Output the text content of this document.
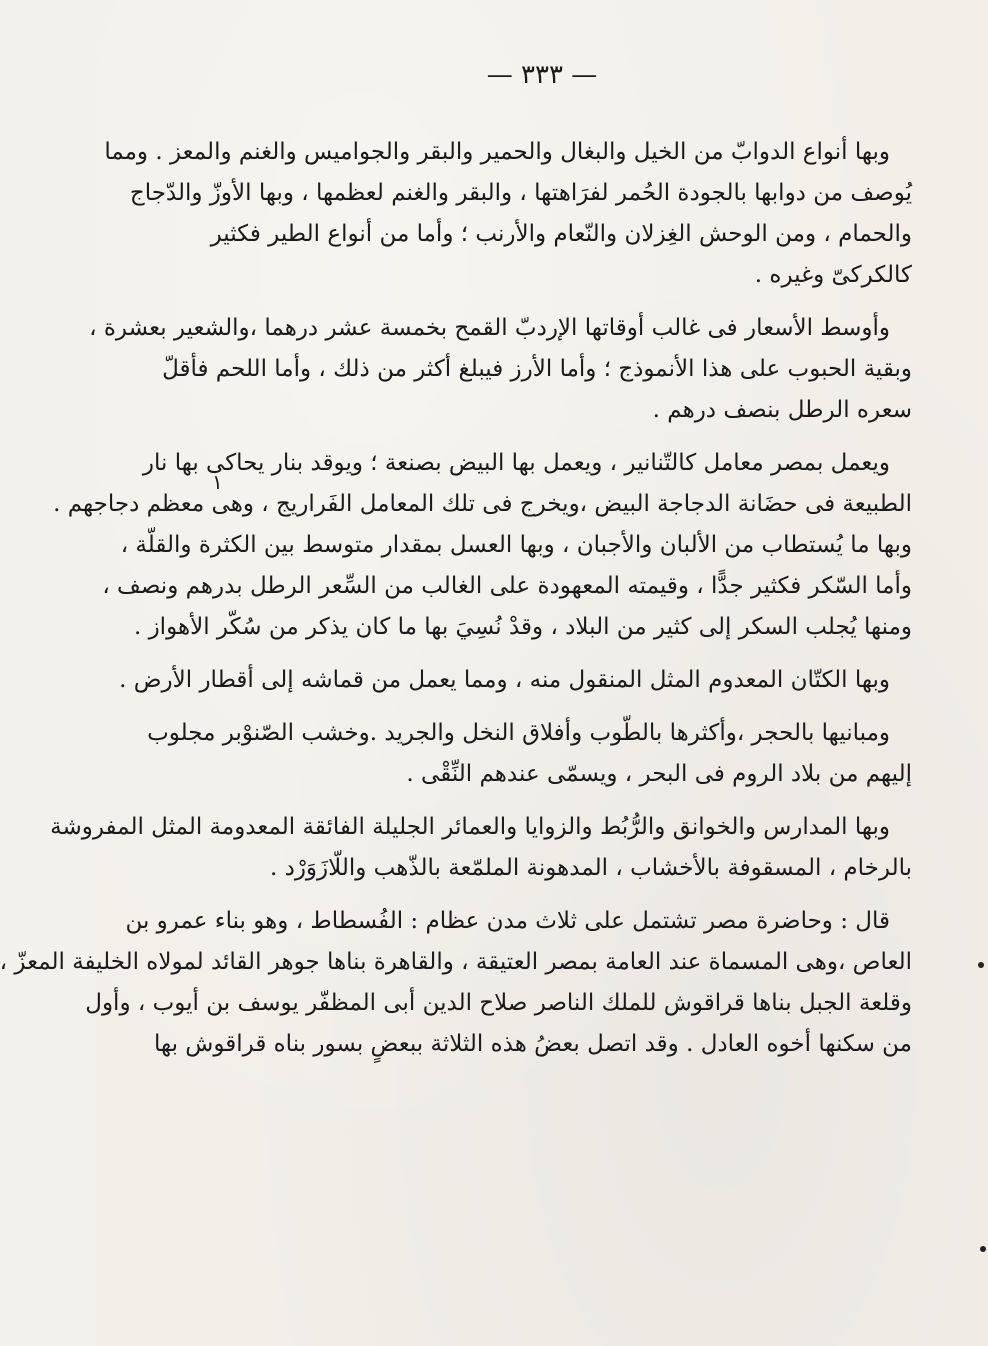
— ٣٣٣ —
١
وبها أنواع الدوابّ من الخيل والبغال والحمير والبقر والجواميس والغنم والمعز . ومما
يُوصف من دوابها بالجودة الحُمر لفرَاهتها ، والبقر والغنم لعظمها ، وبها الأوزّ والدّجاج
والحمام ، ومن الوحش الغِزلان والنّعام والأرنب ؛ وأما من أنواع الطير فكثير
كالكركىّ وغيره .
وأوسط الأسعار فى غالب أوقاتها الإردبّ القمح بخمسة عشر درهما ،والشعير بعشرة ،
وبقية الحبوب على هذا الأنموذج ؛ وأما الأرز فيبلغ أكثر من ذلك ، وأما اللحم فأقلّ
سعره الرطل بنصف درهم .
ويعمل بمصر معامل كالتّنانير ، ويعمل بها البيض بصنعة ؛ ويوقد بنار يحاكى بها نار
الطبيعة فى حضَانة الدجاجة البيض ،ويخرج فى تلك المعامل الفَراريج ، وهى معظم دجاجهم .
وبها ما يُستطاب من الألبان والأجبان ، وبها العسل بمقدار متوسط بين الكثرة والقلّة ،
وأما السّكر فكثير جدًّا ، وقيمته المعهودة على الغالب من السِّعر الرطل بدرهم ونصف ،
ومنها يُجلب السكر إلى كثير من البلاد ، وقدْ نُسِيَ بها ما كان يذكر من سُكّر الأهواز .
وبها الكتّان المعدوم المثل المنقول منه ، ومما يعمل من قماشه إلى أقطار الأرض .
ومبانيها بالحجر ،وأكثرها بالطّوب وأفلاق النخل والجريد .وخشب الصّنوْبر مجلوب
إليهم من بلاد الروم فى البحر ، ويسمّى عندهم النِّقْى .
وبها المدارس والخوانق والرُّبُط والزوايا والعمائر الجليلة الفائقة المعدومة المثل المفروشة
بالرخام ، المسقوفة بالأخشاب ، المدهونة الملمّعة بالذّهب واللّازَوَرْد .
قال : وحاضرة مصر تشتمل على ثلاث مدن عظام : الفُسطاط ، وهو بناء عمرو بن
العاص ،وهى المسماة عند العامة بمصر العتيقة ، والقاهرة بناها جوهر القائد لمولاه الخليفة المعزّ ،
وقلعة الجبل بناها قراقوش للملك الناصر صلاح الدين أبى المظفّر يوسف بن أيوب ، وأول
من سكنها أخوه العادل . وقد اتصل بعضُ هذه الثلاثة ببعضٍ بسور بناه قراقوش بها
